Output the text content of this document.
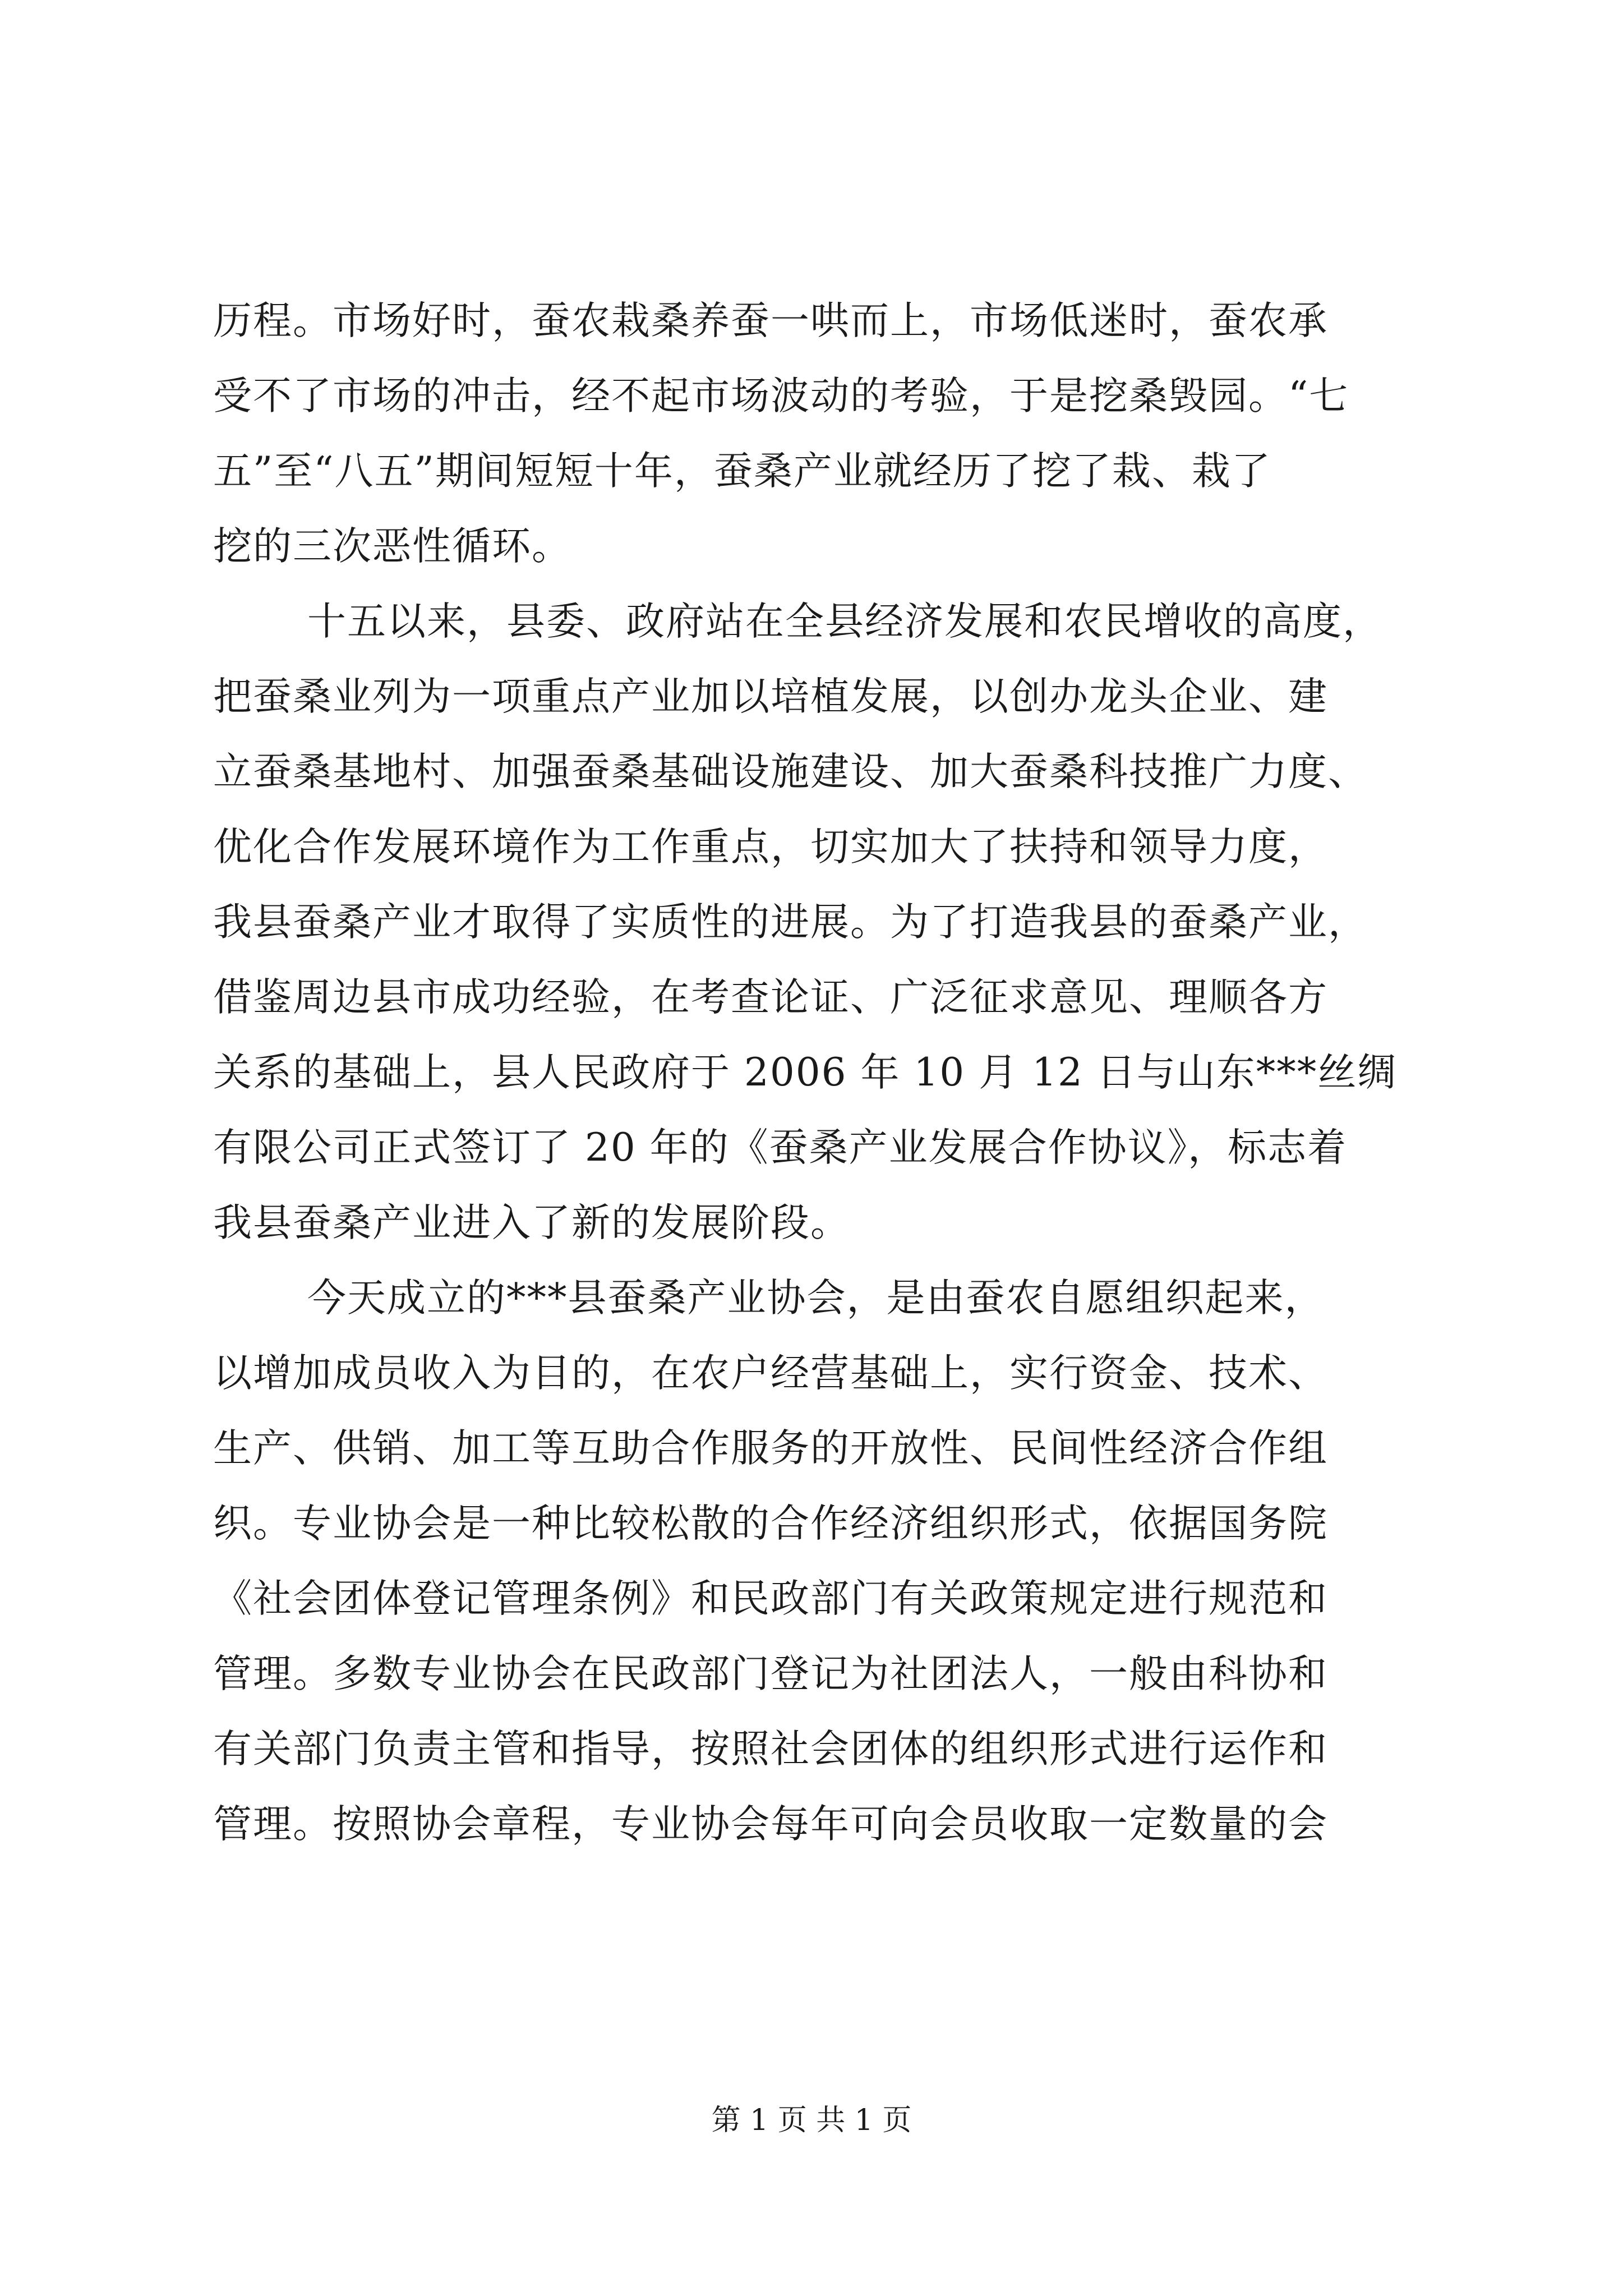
历程。市场好时，蚕农栽桑养蚕一哄而上，市场低迷时，蚕农承
受不了市场的冲击，经不起市场波动的考验，于是挖桑毁园。“七
五”至“八五”期间短短十年，蚕桑产业就经历了挖了栽、栽了
挖的三次恶性循环。
十五以来，县委、政府站在全县经济发展和农民增收的高度，
把蚕桑业列为一项重点产业加以培植发展，以创办龙头企业、建
立蚕桑基地村、加强蚕桑基础设施建设、加大蚕桑科技推广力度、
优化合作发展环境作为工作重点，切实加大了扶持和领导力度，
我县蚕桑产业才取得了实质性的进展。为了打造我县的蚕桑产业，
借鉴周边县市成功经验，在考查论证、广泛征求意见、理顺各方
关系的基础上，县人民政府于 2006 年 10 月 12 日与山东***丝绸
有限公司正式签订了 20 年的《蚕桑产业发展合作协议》，标志着
我县蚕桑产业进入了新的发展阶段。
今天成立的***县蚕桑产业协会，是由蚕农自愿组织起来，
以增加成员收入为目的，在农户经营基础上，实行资金、技术、
生产、供销、加工等互助合作服务的开放性、民间性经济合作组
织。专业协会是一种比较松散的合作经济组织形式，依据国务院
《社会团体登记管理条例》和民政部门有关政策规定进行规范和
管理。多数专业协会在民政部门登记为社团法人，一般由科协和
有关部门负责主管和指导，按照社会团体的组织形式进行运作和
管理。按照协会章程，专业协会每年可向会员收取一定数量的会
第 1 页 共 1 页
